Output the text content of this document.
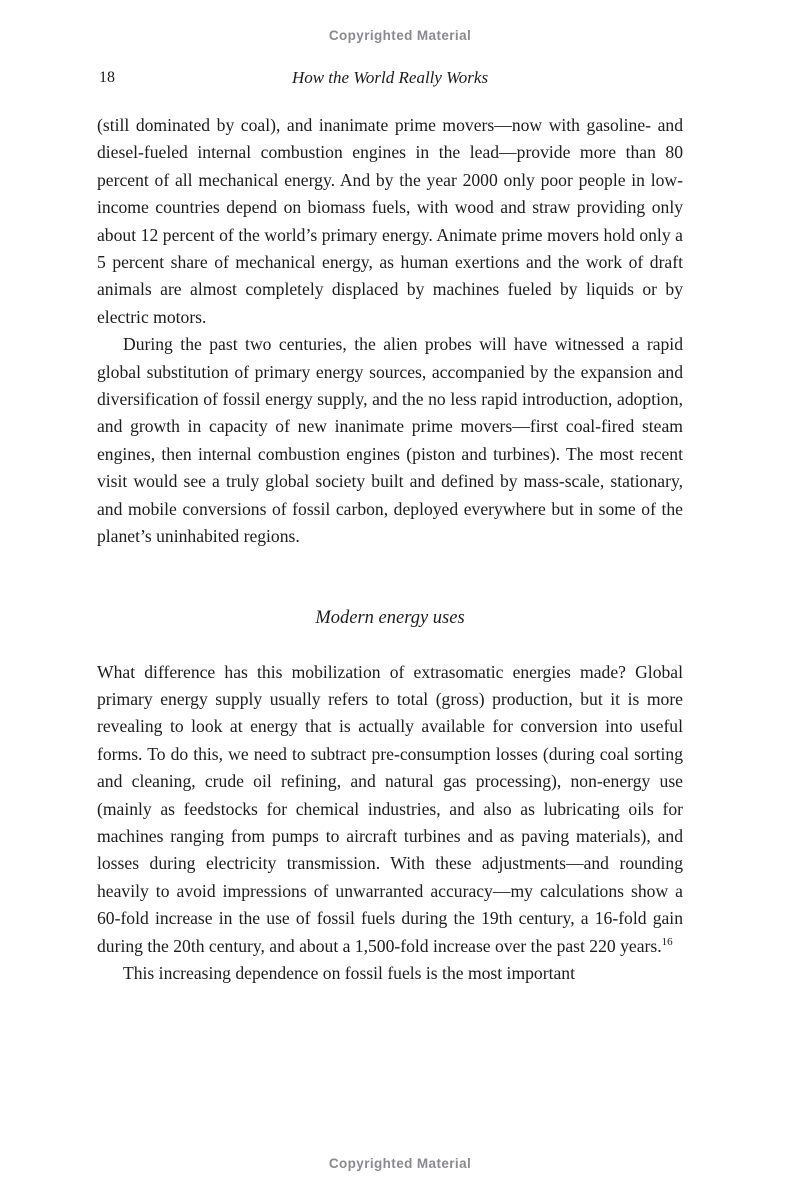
Copyrighted Material
18	How the World Really Works

(still dominated by coal), and inanimate prime movers—now with gasoline- and diesel-fueled internal combustion engines in the lead—provide more than 80 percent of all mechanical energy. And by the year 2000 only poor people in low-income countries depend on biomass fuels, with wood and straw providing only about 12 percent of the world’s primary energy. Animate prime movers hold only a 5 percent share of mechanical energy, as human exertions and the work of draft animals are almost completely displaced by machines fueled by liquids or by electric motors.

During the past two centuries, the alien probes will have witnessed a rapid global substitution of primary energy sources, accompanied by the expansion and diversification of fossil energy supply, and the no less rapid introduction, adoption, and growth in capacity of new inanimate prime movers—first coal-fired steam engines, then internal combustion engines (piston and turbines). The most recent visit would see a truly global society built and defined by mass-scale, stationary, and mobile conversions of fossil carbon, deployed everywhere but in some of the planet’s uninhabited regions.

Modern energy uses

What difference has this mobilization of extrasomatic energies made? Global primary energy supply usually refers to total (gross) production, but it is more revealing to look at energy that is actually available for conversion into useful forms. To do this, we need to subtract pre-consumption losses (during coal sorting and cleaning, crude oil refining, and natural gas processing), non-energy use (mainly as feedstocks for chemical industries, and also as lubricating oils for machines ranging from pumps to aircraft turbines and as paving materials), and losses during electricity transmission. With these adjustments—and rounding heavily to avoid impressions of unwarranted accuracy—my calculations show a 60-fold increase in the use of fossil fuels during the 19th century, a 16-fold gain during the 20th century, and about a 1,500-fold increase over the past 220 years.$^{16}$

This increasing dependence on fossil fuels is the most important

Copyrighted Material
